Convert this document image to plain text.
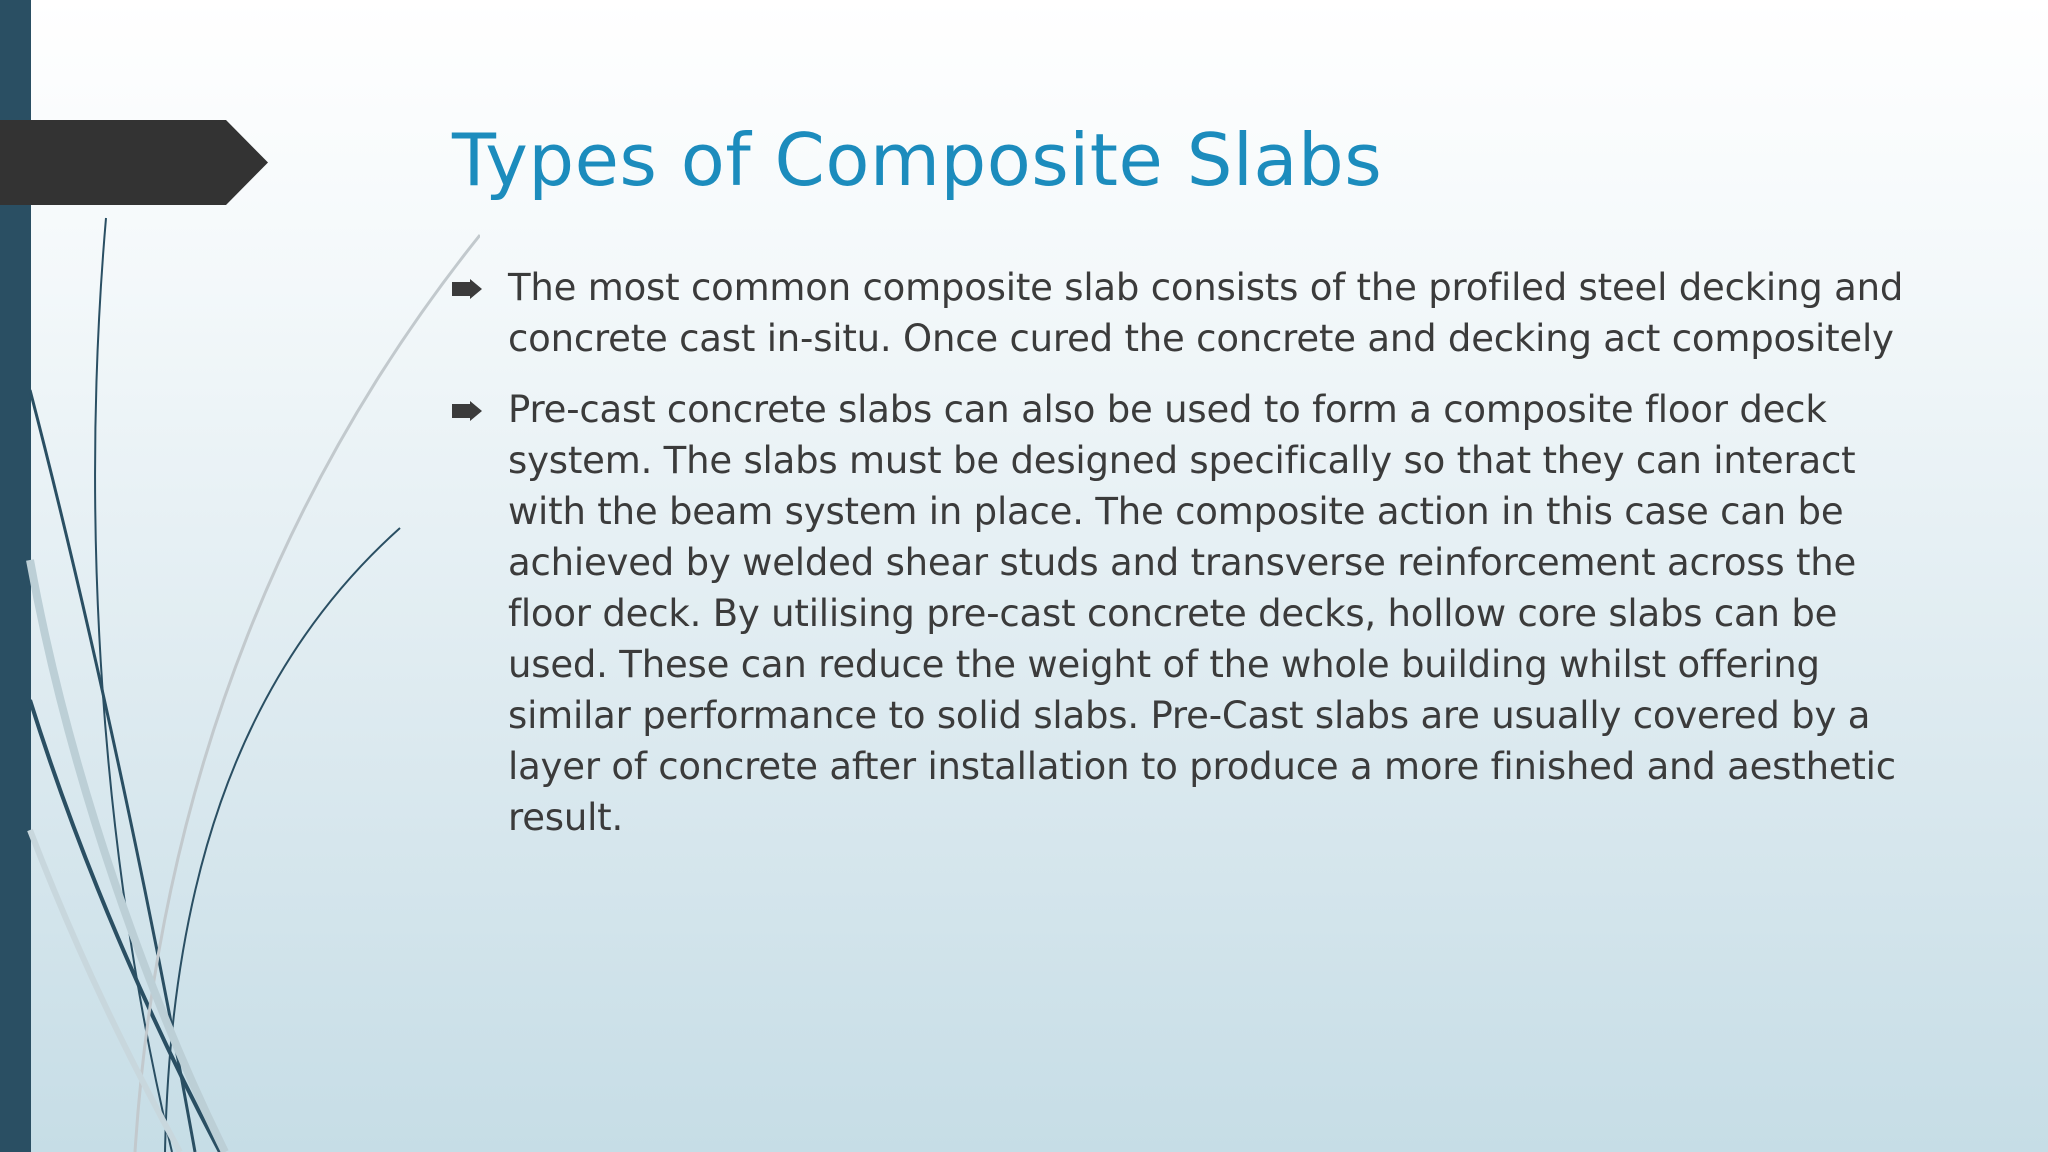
Types of Composite Slabs
The most common composite slab consists of the profiled steel decking and concrete cast in-situ. Once cured the concrete and decking act compositely
Pre-cast concrete slabs can also be used to form a composite floor deck system. The slabs must be designed specifically so that they can interact with the beam system in place. The composite action in this case can be achieved by welded shear studs and transverse reinforcement across the floor deck. By utilising pre-cast concrete decks, hollow core slabs can be used. These can reduce the weight of the whole building whilst offering similar performance to solid slabs. Pre-Cast slabs are usually covered by a layer of concrete after installation to produce a more finished and aesthetic result.
